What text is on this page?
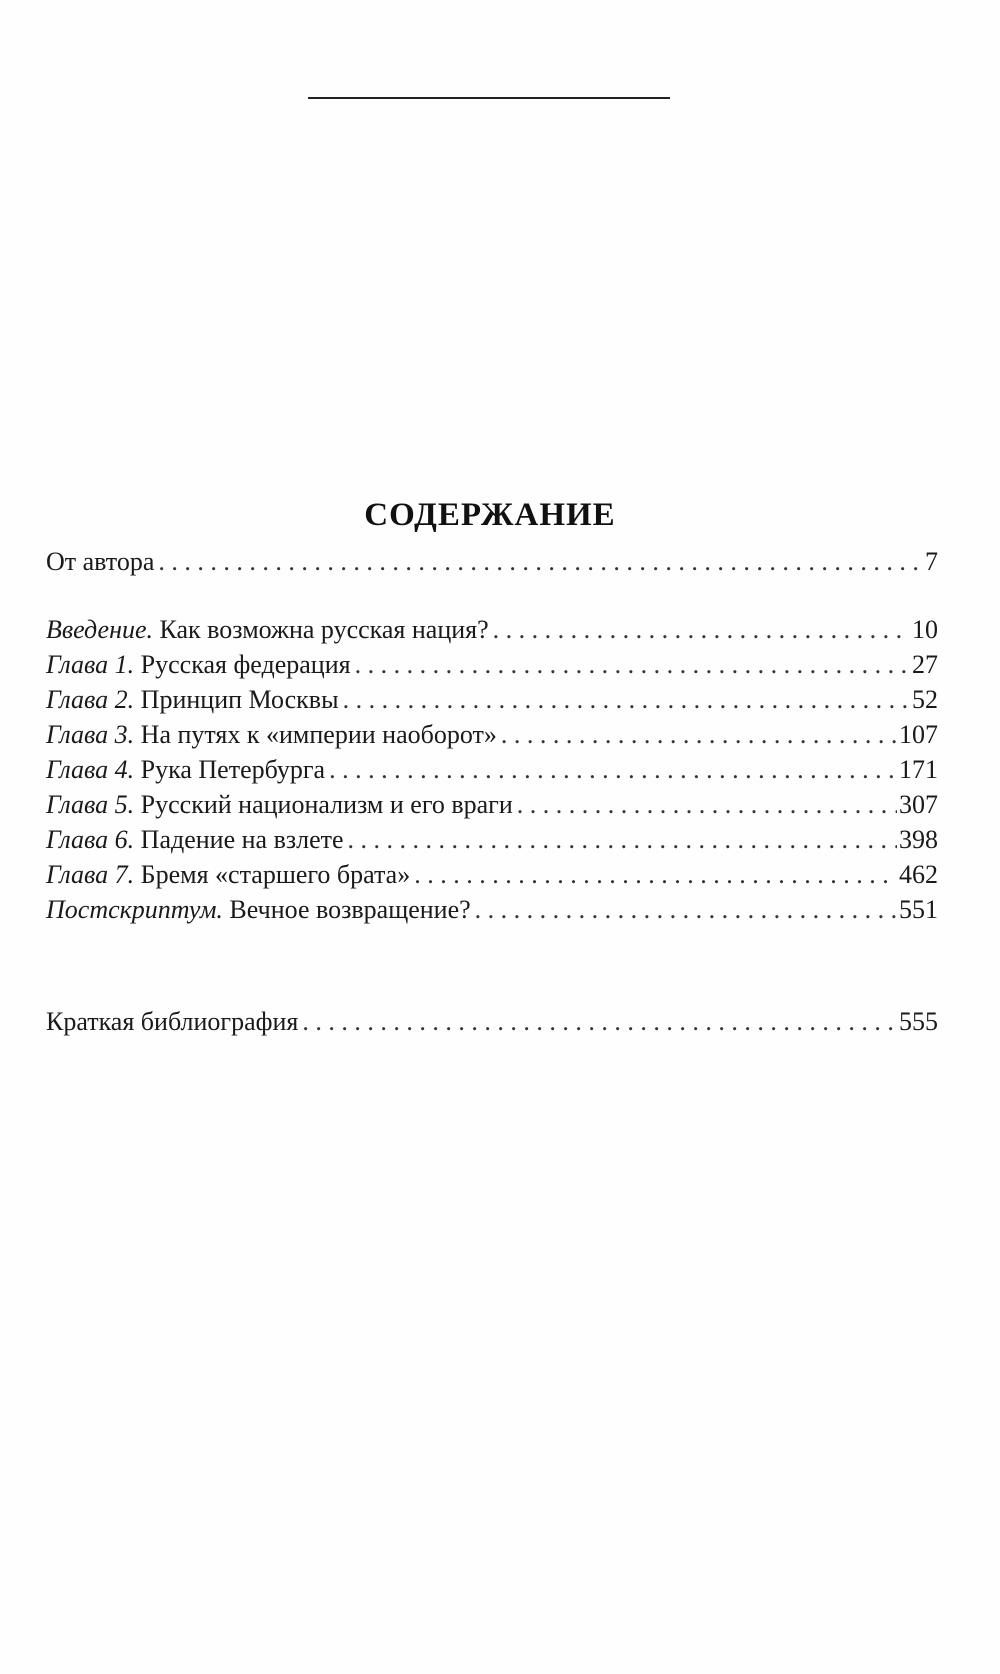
СОДЕРЖАНИЕ
От автора . . .	7
Введение. Как возможна русская нация? . . .	10
Глава 1. Русская федерация . . .	27
Глава 2. Принцип Москвы . . .	52
Глава 3. На путях к «империи наоборот» . . .	107
Глава 4. Рука Петербурга . . .	171
Глава 5. Русский национализм и его враги . . .	307
Глава 6. Падение на взлете . . .	398
Глава 7. Бремя «старшего брата» . . .	462
Постскриптум. Вечное возвращение? . . .	551
Краткая библиография . . .	555
